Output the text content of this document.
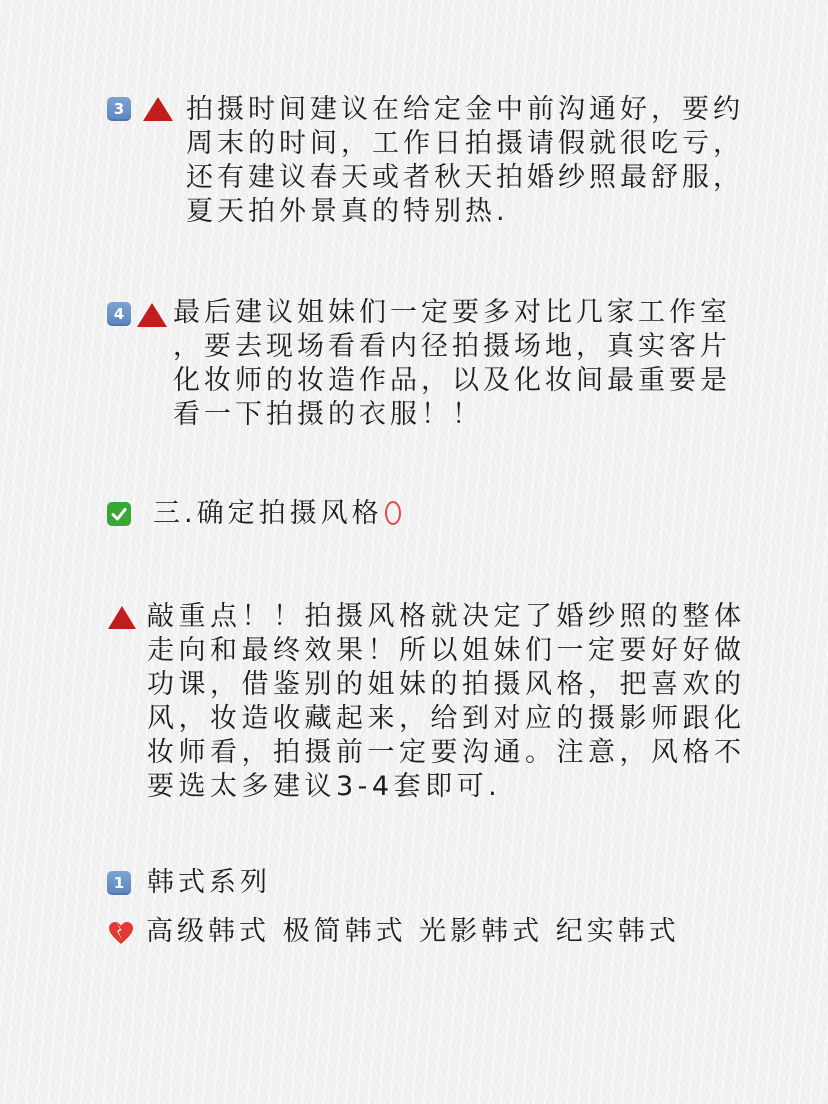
3 拍摄时间建议在给定金中前沟通好，要约
周末的时间，工作日拍摄请假就很吃亏，
还有建议春天或者秋天拍婚纱照最舒服，
夏天拍外景真的特别热.
4 最后建议姐妹们一定要多对比几家工作室
，要去现场看看内径拍摄场地，真实客片
化妆师的妆造作品，以及化妆间最重要是
看一下拍摄的衣服！！
三.确定拍摄风格
敲重点！！拍摄风格就决定了婚纱照的整体
走向和最终效果！所以姐妹们一定要好好做
功课，借鉴别的姐妹的拍摄风格，把喜欢的
风，妆造收藏起来，给到对应的摄影师跟化
妆师看，拍摄前一定要沟通。注意，风格不
要选太多建议3-4套即可.
1 韩式系列
高级韩式 极简韩式 光影韩式 纪实韩式
